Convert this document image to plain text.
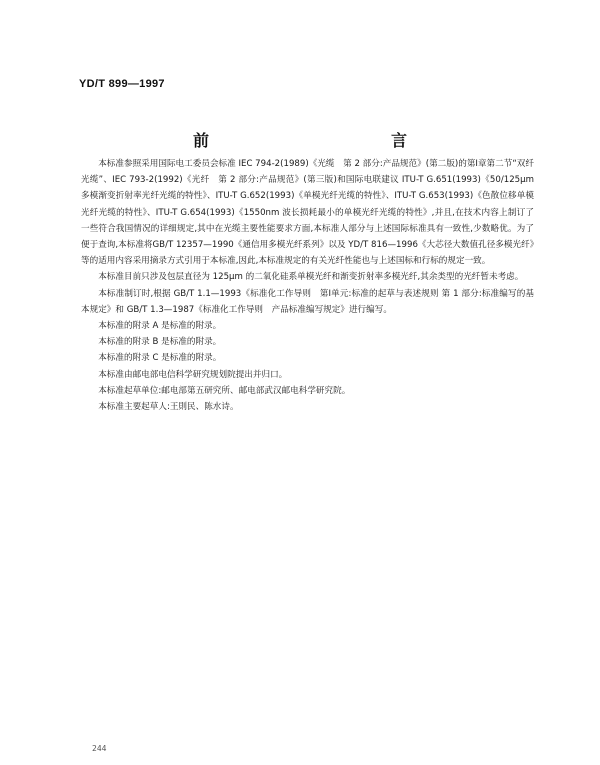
YD/T 899—1997
前　　言

本标准参照采用国际电工委员会标准 IEC 794-2(1989)《光缆　第 2 部分:产品规范》(第二版)的第Ⅰ章第二节“双纤光缆”、IEC 793-2(1992)《光纤　第 2 部分:产品规范》(第三版)和国际电联建议 ITU-T G.651(1993)《50/125μm 多模渐变折射率光纤光缆的特性》、ITU-T G.652(1993)《单模光纤光缆的特性》、ITU-T G.653(1993)《色散位移单模光纤光缆的特性》、ITU-T G.654(1993)《1550nm 波长损耗最小的单模光纤光缆的特性》,并且,在技术内容上制订了一些符合我国情况的详细规定,其中在光缆主要性能要求方面,本标准人部分与上述国际标准具有一致性,少数略优。为了便于查询,本标准将GB/T 12357—1990《通信用多模光纤系列》以及 YD/T 816—1996《大芯径大数值孔径多模光纤》等的适用内容采用摘录方式引用于本标准,因此,本标准规定的有关光纤性能也与上述国标和行标的规定一致。

本标准目前只涉及包层直径为 125μm 的二氧化硅系单模光纤和渐变折射率多模光纤,其余类型的光纤暂未考虑。

本标准制订时,根据 GB/T 1.1—1993《标准化工作导则　第Ⅰ单元:标准的起草与表述规则 第 1 部分:标准编写的基本规定》和 GB/T 1.3—1987《标准化工作导则　产品标准编写规定》进行编写。

本标准的附录 A 是标准的附录。

本标准的附录 B 是标准的附录。

本标准的附录 C 是标准的附录。

本标准由邮电部电信科学研究规划院提出并归口。

本标准起草单位:邮电部第五研究所、邮电部武汉邮电科学研究院。

本标准主要起草人:王則民、陈水诗。

244
